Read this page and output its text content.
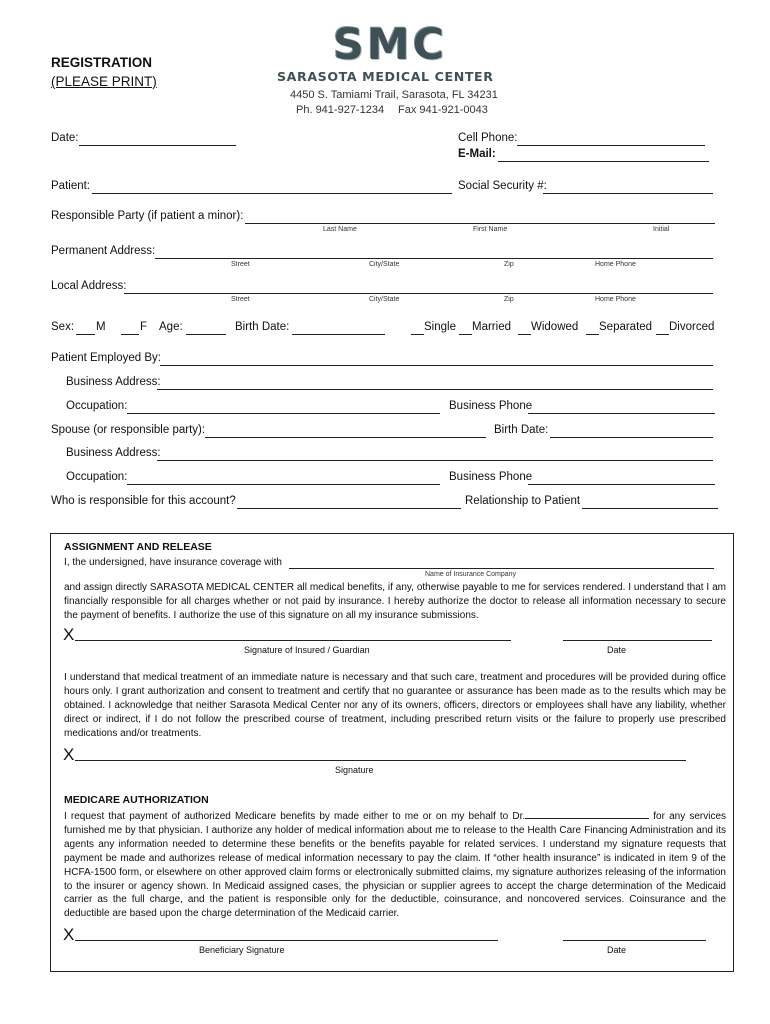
REGISTRATION
(PLEASE PRINT)
SMC
SARASOTA MEDICAL CENTER
4450 S. Tamiami Trail, Sarasota, FL 34231
Ph. 941-927-1234 Fax 941-921-0043
Date:	Cell Phone:
E-Mail:
Patient:	Social Security #:
Responsible Party (if patient a minor):
Last Name	First Name	Initial
Permanent Address:
Street	City/State	Zip	Home Phone
Local Address:
Street	City/State	Zip	Home Phone
Sex: M	F Age:	Birth Date:	Single Married Widowed Separated Divorced
Patient Employed By:
Business Address:
Occupation:	Business Phone
Spouse (or responsible party):	Birth Date:
Business Address:
Occupation:	Business Phone
Who is responsible for this account?	Relationship to Patient
ASSIGNMENT AND RELEASE
I, the undersigned, have insurance coverage with
Name of Insurance Company
and assign directly SARASOTA MEDICAL CENTER all medical benefits, if any, otherwise payable to me for services rendered. I understand that I am financially responsible for all charges whether or not paid by insurance. I hereby authorize the doctor to release all information necessary to secure the payment of benefits. I authorize the use of this signature on all my insurance submissions.
X
Signature of Insured / Guardian	Date
I understand that medical treatment of an immediate nature is necessary and that such care, treatment and procedures will be provided during office hours only. I grant authorization and consent to treatment and certify that no guarantee or assurance has been made as to the results which may be obtained. I acknowledge that neither Sarasota Medical Center nor any of its owners, officers, directors or employees shall have any liability, whether direct or indirect, if I do not follow the prescribed course of treatment, including prescribed return visits or the failure to properly use prescribed medications and/or treatments.
X
Signature
MEDICARE AUTHORIZATION
I request that payment of authorized Medicare benefits by made either to me or on my behalf to Dr.	for any services furnished me by that physician. I authorize any holder of medical information about me to release to the Health Care Financing Administration and its agents any information needed to determine these benefits or the benefits payable for related services. I understand my signature requests that payment be made and authorizes release of medical information necessary to pay the claim. If “other health insurance” is indicated in item 9 of the HCFA-1500 form, or elsewhere on other approved claim forms or electronically submitted claims, my signature authorizes releasing of the information to the insurer or agency shown. In Medicaid assigned cases, the physician or supplier agrees to accept the charge determination of the Medicaid carrier as the full charge, and the patient is responsible only for the deductible, coinsurance, and noncovered services. Coinsurance and the deductible are based upon the charge determination of the Medicaid carrier.
X
Beneficiary Signature	Date
